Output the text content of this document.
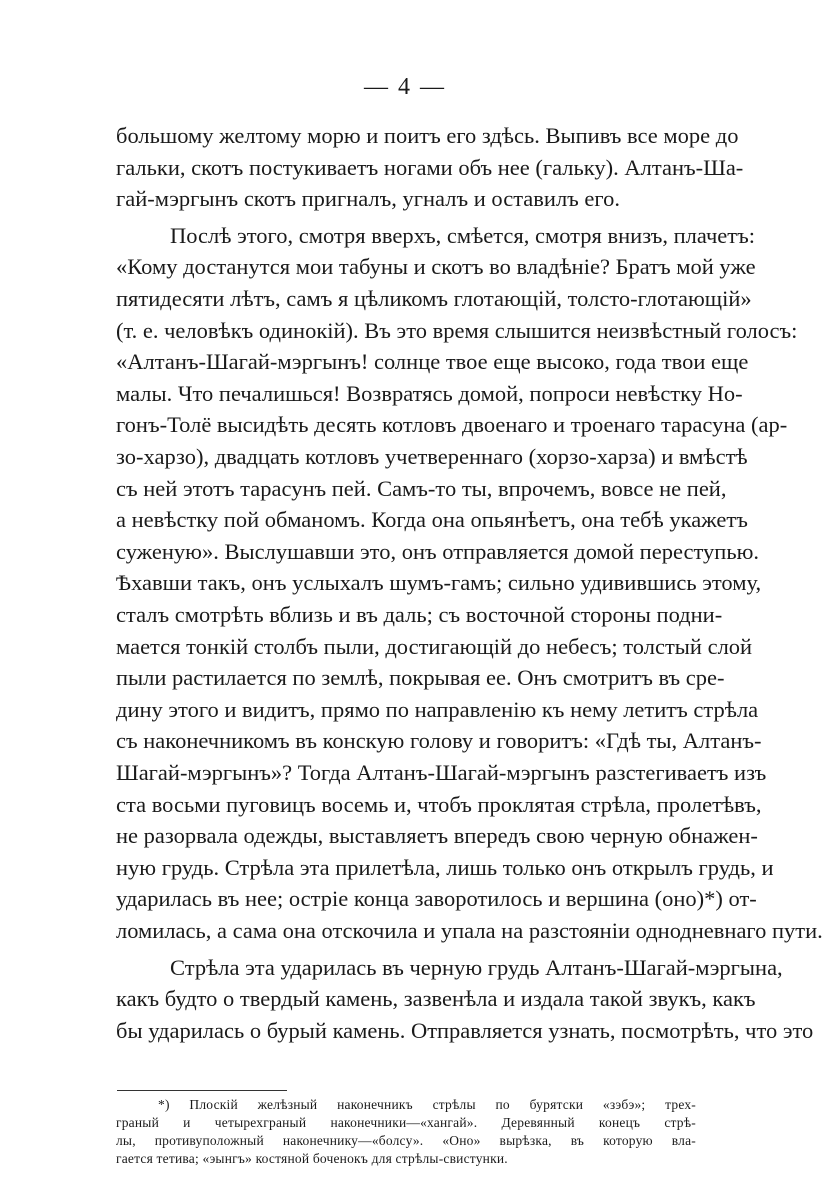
— 4 —
большому желтому морю и поитъ его здѣсь. Выпивъ все море до
гальки, скотъ постукиваетъ ногами объ нее (гальку). Алтанъ-Ша-
гай-мэргынъ скотъ пригналъ, угналъ и оставилъ его.
Послѣ этого, смотря вверхъ, смѣется, смотря внизъ, плачетъ:
«Кому достанутся мои табуны и скотъ во владѣніе? Братъ мой уже
пятидесяти лѣтъ, самъ я цѣликомъ глотающій, толсто-глотающій»
(т. е. человѣкъ одинокій). Въ это время слышится неизвѣстный голосъ:
«Алтанъ-Шагай-мэргынъ! солнце твое еще высоко, года твои еще
малы. Что печалишься! Возвратясь домой, попроси невѣстку Но-
гонъ-Толё высидѣть десять котловъ двоенаго и троенаго тарасуна (ар-
зо-харзо), двадцать котловъ учетвереннаго (хорзо-харза) и вмѣстѣ
съ ней этотъ тарасунъ пей. Самъ-то ты, впрочемъ, вовсе не пей,
а невѣстку пой обманомъ. Когда она опьянѣетъ, она тебѣ укажетъ
суженую». Выслушавши это, онъ отправляется домой переступью.
Ѣхавши такъ, онъ услыхалъ шумъ-гамъ; сильно удивившись этому,
сталъ смотрѣть вблизь и въ даль; съ восточной стороны подни-
мается тонкій столбъ пыли, достигающій до небесъ; толстый слой
пыли растилается по землѣ, покрывая ее. Онъ смотритъ въ сре-
дину этого и видитъ, прямо по направленію къ нему летитъ стрѣла
съ наконечникомъ въ конскую голову и говоритъ: «Гдѣ ты, Алтанъ-
Шагай-мэргынъ»? Тогда Алтанъ-Шагай-мэргынъ разстегиваетъ изъ
ста восьми пуговицъ восемь и, чтобъ проклятая стрѣла, пролетѣвъ,
не разорвала одежды, выставляетъ впередъ свою черную обнажен-
ную грудь. Стрѣла эта прилетѣла, лишь только онъ открылъ грудь, и
ударилась въ нее; острiе конца заворотилось и вершина (оно)*) от-
ломилась, а сама она отскочила и упала на разстояніи однодневнаго пути.
Стрѣла эта ударилась въ черную грудь Алтанъ-Шагай-мэргына,
какъ будто о твердый камень, зазвенѣла и издала такой звукъ, какъ
бы ударилась о бурый камень. Отправляется узнать, посмотрѣть, что это
*) Плоскій желѣзный наконечникъ стрѣлы по бурятски «зэбэ»; трех-
граный и четырехграный наконечники—«хангай». Деревянный конецъ стрѣ-
лы, противуположный наконечнику—«болсу». «Оно» вырѣзка, въ которую вла-
гается тетива; «эынгъ» костяной боченокъ для стрѣлы-свистунки.
